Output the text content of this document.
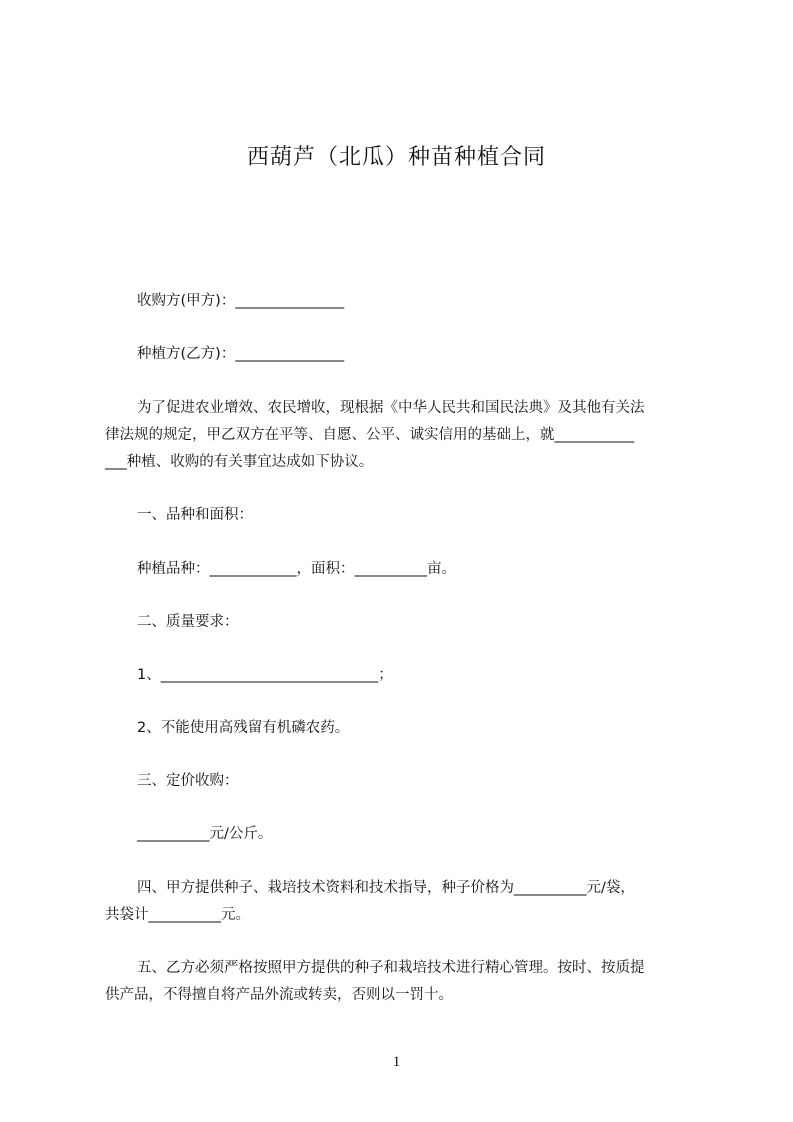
西葫芦（北瓜）种苗种植合同
收购方(甲方)：_______________
种植方(乙方)：_______________
为了促进农业增效、农民增收，现根据《中华人民共和国民法典》及其他有关法
律法规的规定，甲乙双方在平等、自愿、公平、诚实信用的基础上，就___________
___种植、收购的有关事宜达成如下协议。
一、品种和面积：
种植品种：____________，面积：__________亩。
二、质量要求：
1、______________________________；
2、不能使用高残留有机磷农药。
三、定价收购：
__________元/公斤。
四、甲方提供种子、栽培技术资料和技术指导，种子价格为__________元/袋，
共袋计__________元。
五、乙方必须严格按照甲方提供的种子和栽培技术进行精心管理。按时、按质提
供产品，不得擅自将产品外流或转卖，否则以一罚十。
1
